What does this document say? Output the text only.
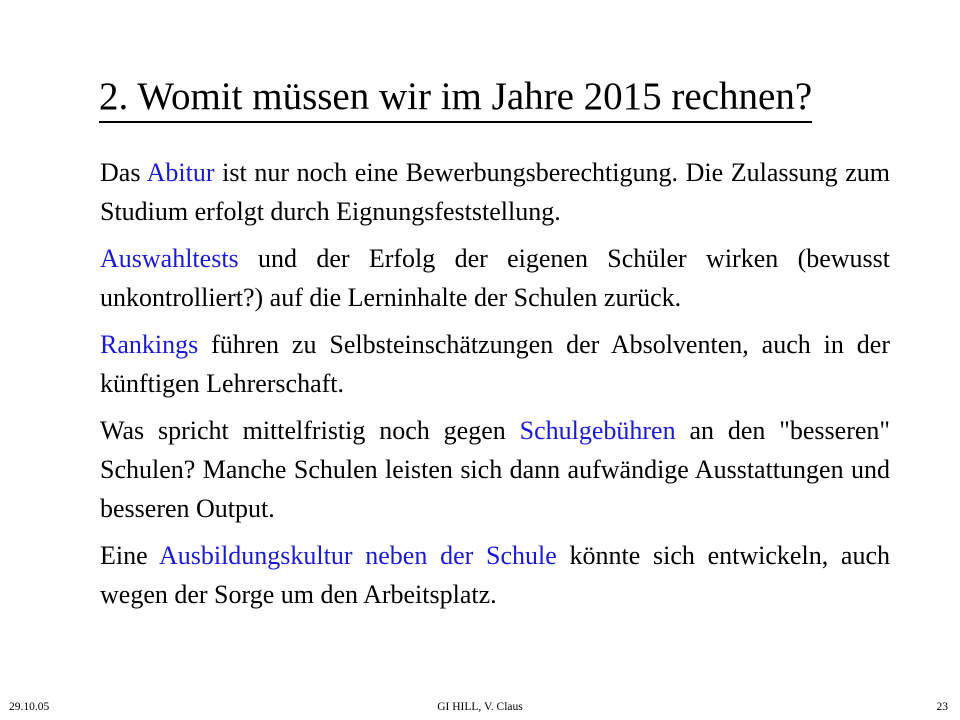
2. Womit müssen wir im Jahre 2015 rechnen?

Das Abitur ist nur noch eine Bewerbungsberechtigung. Die Zulassung zum Studium erfolgt durch Eignungsfeststellung.

Auswahltests und der Erfolg der eigenen Schüler wirken (bewusst unkontrolliert?) auf die Lerninhalte der Schulen zurück.

Rankings führen zu Selbsteinschätzungen der Absolventen, auch in der künftigen Lehrerschaft.

Was spricht mittelfristig noch gegen Schulgebühren an den "besseren" Schulen? Manche Schulen leisten sich dann aufwändige Ausstattungen und besseren Output.

Eine Ausbildungskultur neben der Schule könnte sich entwickeln, auch wegen der Sorge um den Arbeitsplatz.

29.10.05	GI HILL, V. Claus	23
